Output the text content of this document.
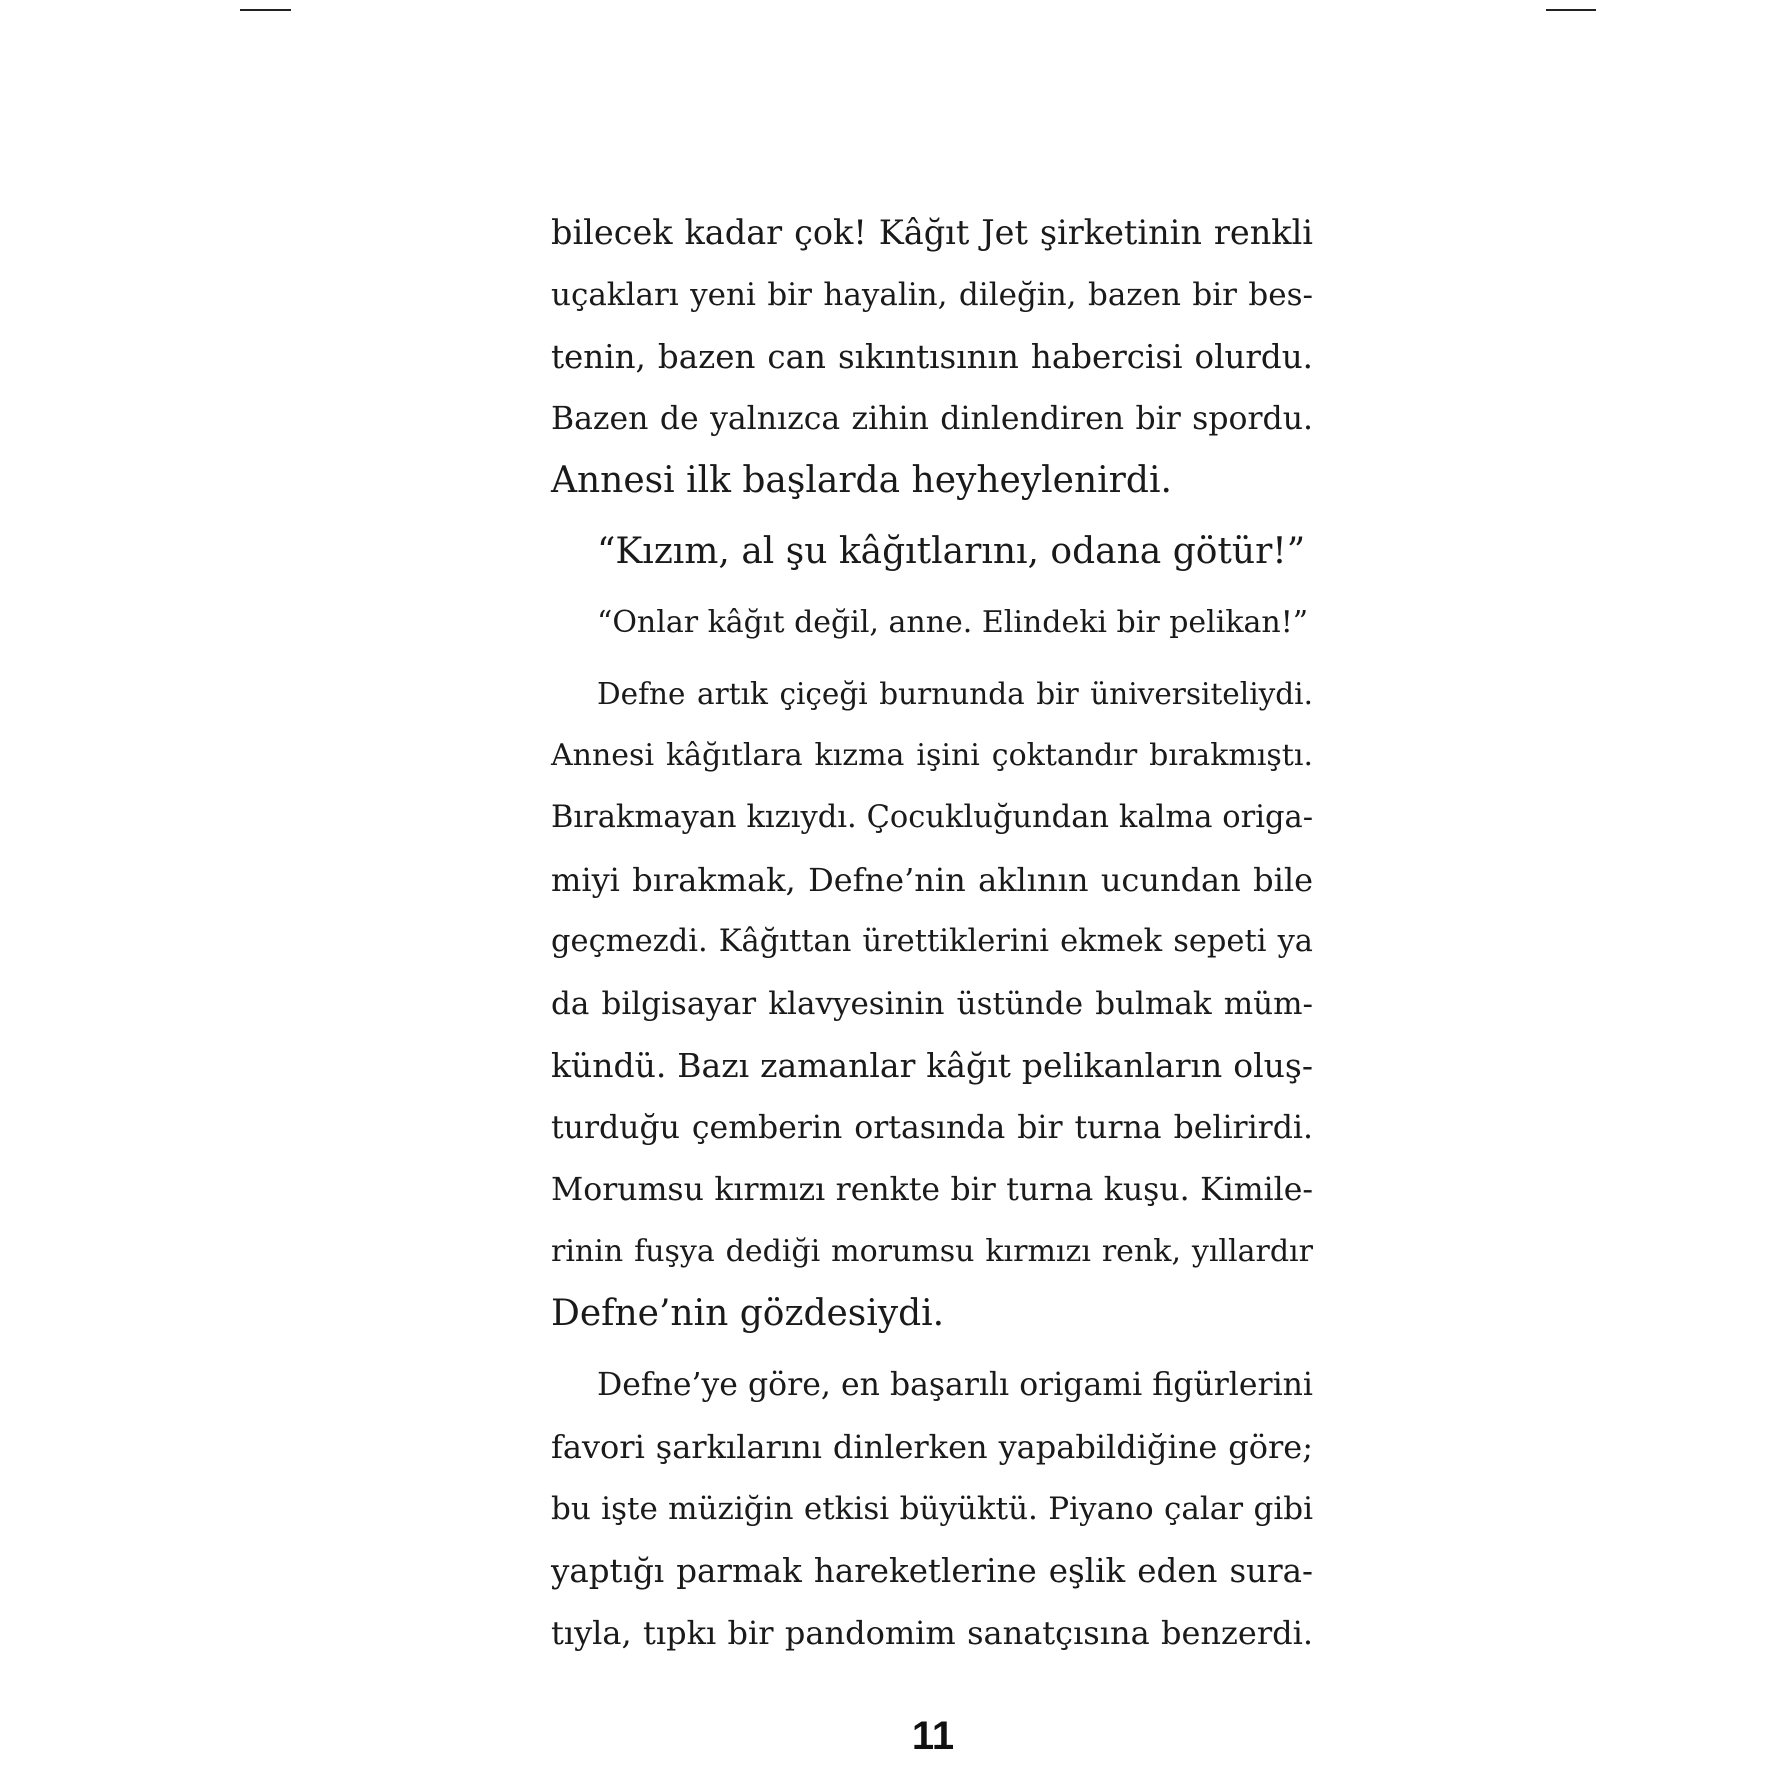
bilecek kadar çok! Kâğıt Jet şirketinin renkli
uçakları yeni bir hayalin, dileğin, bazen bir bes-
tenin, bazen can sıkıntısının habercisi olurdu.
Bazen de yalnızca zihin dinlendiren bir spordu.
Annesi ilk başlarda heyheylenirdi.
“Kızım, al şu kâğıtlarını, odana götür!”
“Onlar kâğıt değil, anne. Elindeki bir pelikan!”
Defne artık çiçeği burnunda bir üniversiteliydi.
Annesi kâğıtlara kızma işini çoktandır bırakmıştı.
Bırakmayan kızıydı. Çocukluğundan kalma origa-
miyi bırakmak, Defne’nin aklının ucundan bile
geçmezdi. Kâğıttan ürettiklerini ekmek sepeti ya
da bilgisayar klavyesinin üstünde bulmak müm-
kündü. Bazı zamanlar kâğıt pelikanların oluş-
turduğu çemberin ortasında bir turna belirirdi.
Morumsu kırmızı renkte bir turna kuşu. Kimile-
rinin fuşya dediği morumsu kırmızı renk, yıllardır
Defne’nin gözdesiydi.
Defne’ye göre, en başarılı origami figürlerini
favori şarkılarını dinlerken yapabildiğine göre;
bu işte müziğin etkisi büyüktü. Piyano çalar gibi
yaptığı parmak hareketlerine eşlik eden sura-
tıyla, tıpkı bir pandomim sanatçısına benzerdi.
11
